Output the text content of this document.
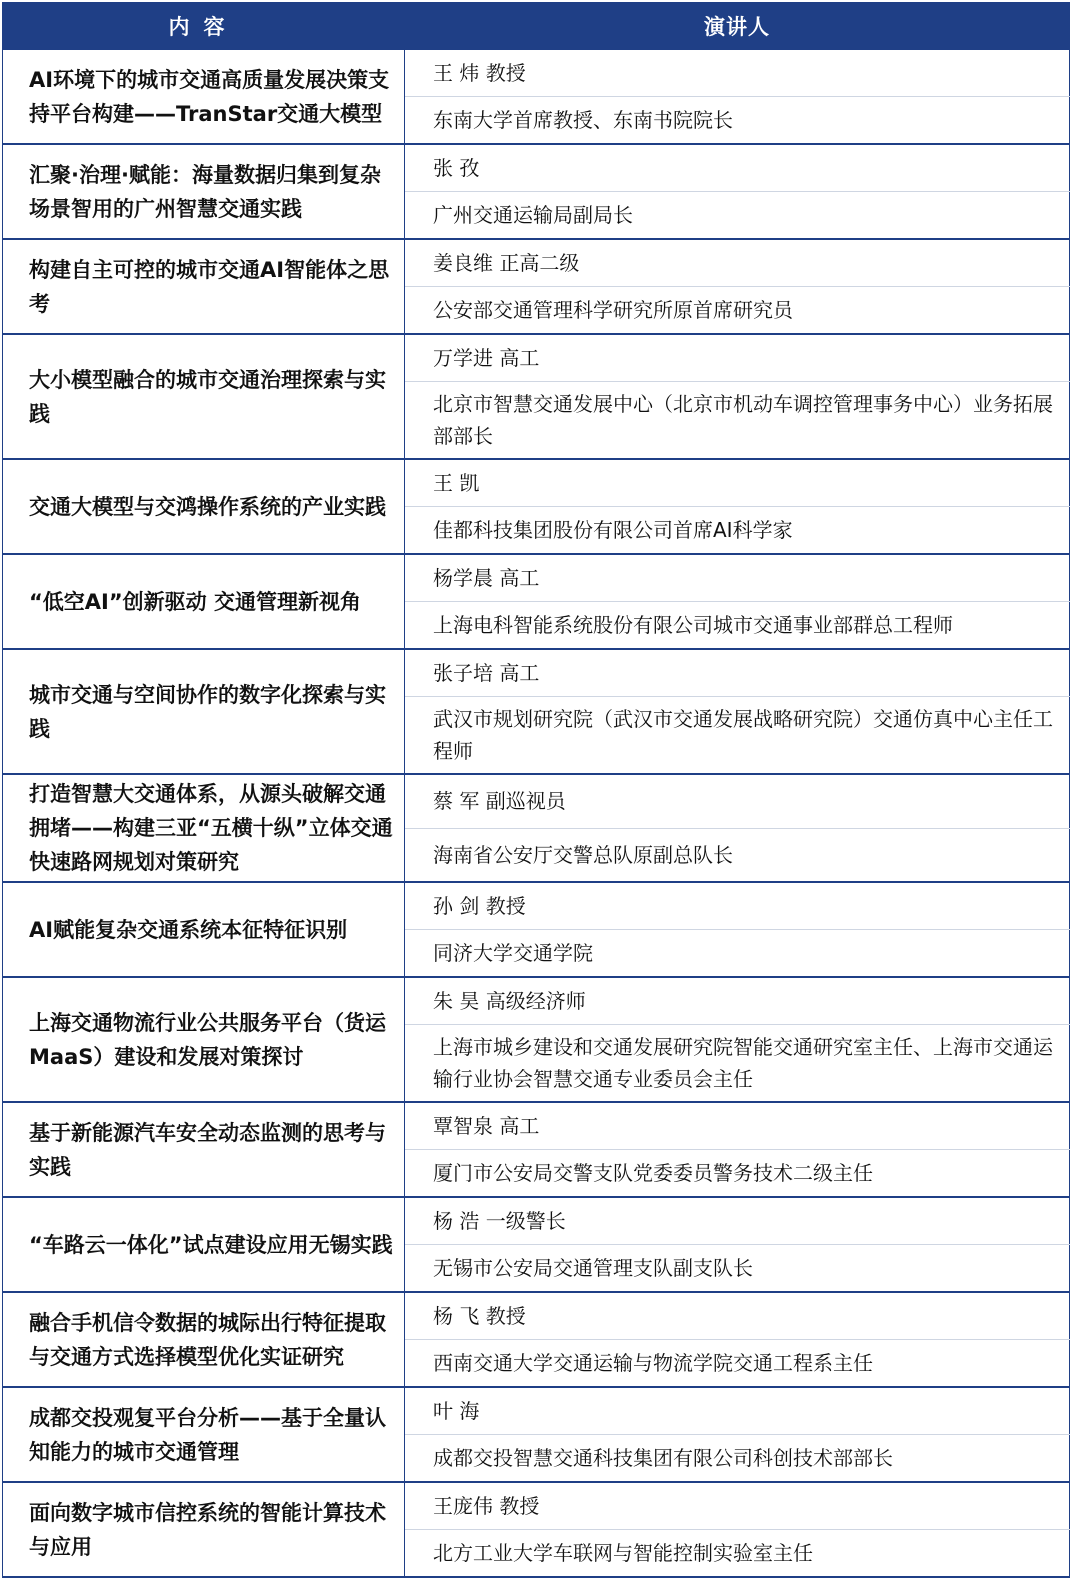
内容	演讲人
AI环境下的城市交通高质量发展决策支持平台构建——TranStar交通大模型	王 炜 教授
	东南大学首席教授、东南书院院长
汇聚·治理·赋能：海量数据归集到复杂场景智用的广州智慧交通实践	张 孜
	广州交通运输局副局长
构建自主可控的城市交通AI智能体之思考	姜良维 正高二级
	公安部交通管理科学研究所原首席研究员
大小模型融合的城市交通治理探索与实践	万学进 高工
	北京市智慧交通发展中心（北京市机动车调控管理事务中心）业务拓展部部长
交通大模型与交鸿操作系统的产业实践	王 凯
	佳都科技集团股份有限公司首席AI科学家
“低空AI”创新驱动 交通管理新视角	杨学晨 高工
	上海电科智能系统股份有限公司城市交通事业部群总工程师
城市交通与空间协作的数字化探索与实践	张子培 高工
	武汉市规划研究院（武汉市交通发展战略研究院）交通仿真中心主任工程师
打造智慧大交通体系，从源头破解交通拥堵——构建三亚“五横十纵”立体交通快速路网规划对策研究	蔡 军 副巡视员
	海南省公安厅交警总队原副总队长
AI赋能复杂交通系统本征特征识别	孙 剑 教授
	同济大学交通学院
上海交通物流行业公共服务平台（货运MaaS）建设和发展对策探讨	朱 昊 高级经济师
	上海市城乡建设和交通发展研究院智能交通研究室主任、上海市交通运输行业协会智慧交通专业委员会主任
基于新能源汽车安全动态监测的思考与实践	覃智泉 高工
	厦门市公安局交警支队党委委员警务技术二级主任
“车路云一体化”试点建设应用无锡实践	杨 浩 一级警长
	无锡市公安局交通管理支队副支队长
融合手机信令数据的城际出行特征提取与交通方式选择模型优化实证研究	杨 飞 教授
	西南交通大学交通运输与物流学院交通工程系主任
成都交投观复平台分析——基于全量认知能力的城市交通管理	叶 海
	成都交投智慧交通科技集团有限公司科创技术部部长
面向数字城市信控系统的智能计算技术与应用	王庞伟 教授
	北方工业大学车联网与智能控制实验室主任
